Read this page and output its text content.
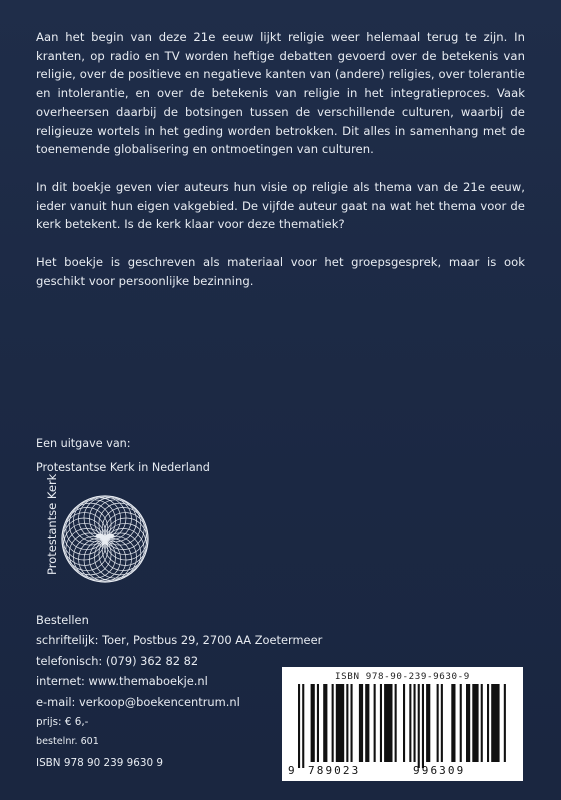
Aan het begin van deze 21e eeuw lijkt religie weer helemaal terug te zijn. In kranten, op radio en TV worden heftige debatten gevoerd over de betekenis van religie, over de positieve en negatieve kanten van (andere) religies, over tolerantie en intolerantie, en over de betekenis van religie in het integratieproces. Vaak overheersen daarbij de botsingen tussen de verschillende culturen, waarbij de religieuze wortels in het geding worden betrokken. Dit alles in samenhang met de toenemende globalisering en ontmoetingen van culturen.

In dit boekje geven vier auteurs hun visie op religie als thema van de 21e eeuw, ieder vanuit hun eigen vakgebied. De vijfde auteur gaat na wat het thema voor de kerk betekent. Is de kerk klaar voor deze thematiek?

Het boekje is geschreven als materiaal voor het groepsgesprek, maar is ook geschikt voor persoonlijke bezinning.

Een uitgave van:
Protestantse Kerk in Nederland
Protestantse Kerk
Bestellen
schriftelijk: Toer, Postbus 29, 2700 AA Zoetermeer
telefonisch: (079) 362 82 82
internet: www.themaboekje.nl
e-mail: verkoop@boekencentrum.nl
prijs: € 6,-
bestelnr. 601
ISBN 978 90 239 9630 9
ISBN 978-90-239-9630-9
9 789023	996309
